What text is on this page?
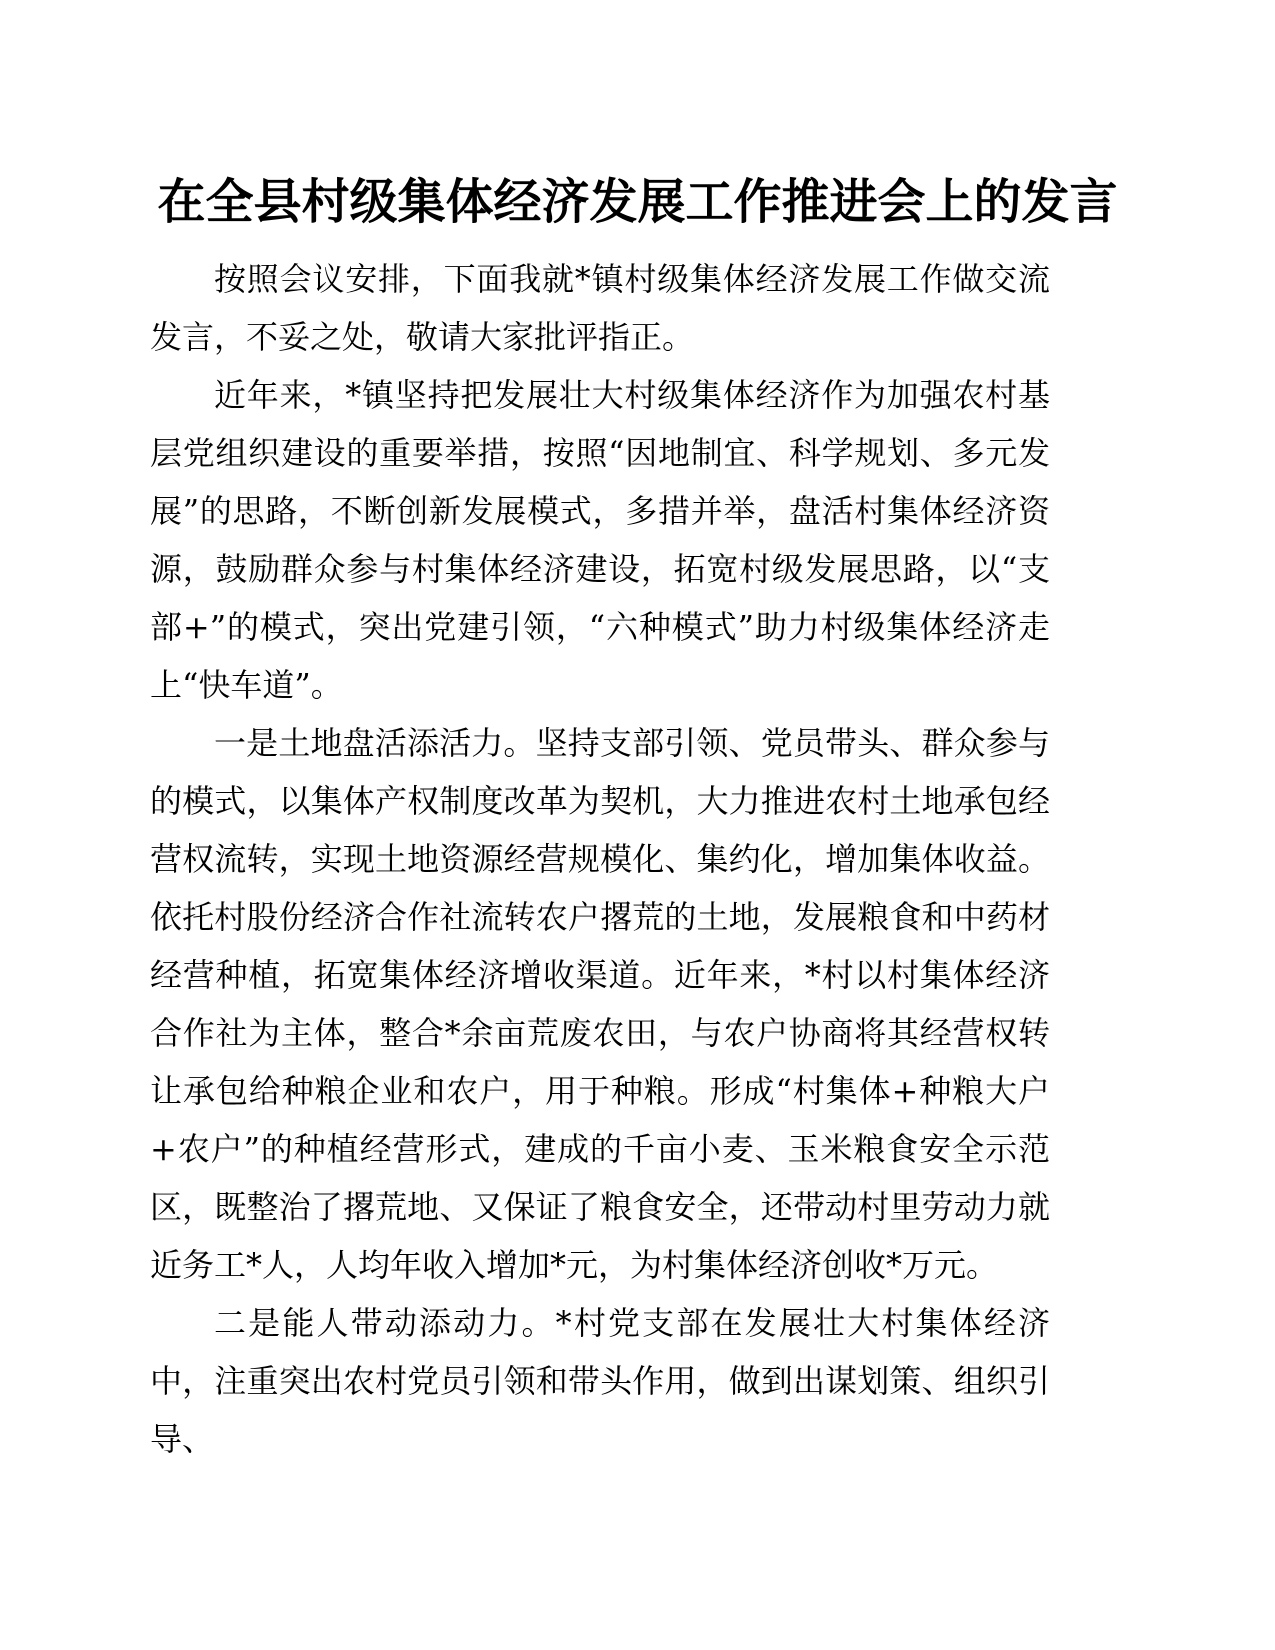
在全县村级集体经济发展工作推进会上的发言

按照会议安排，下面我就*镇村级集体经济发展工作做交流发言，不妥之处，敬请大家批评指正。

近年来，*镇坚持把发展壮大村级集体经济作为加强农村基层党组织建设的重要举措，按照“因地制宜、科学规划、多元发展”的思路，不断创新发展模式，多措并举，盘活村集体经济资源，鼓励群众参与村集体经济建设，拓宽村级发展思路，以“支部+”的模式，突出党建引领，“六种模式”助力村级集体经济走上“快车道”。

一是土地盘活添活力。坚持支部引领、党员带头、群众参与的模式，以集体产权制度改革为契机，大力推进农村土地承包经营权流转，实现土地资源经营规模化、集约化，增加集体收益。依托村股份经济合作社流转农户撂荒的土地，发展粮食和中药材经营种植，拓宽集体经济增收渠道。近年来，*村以村集体经济合作社为主体，整合*余亩荒废农田，与农户协商将其经营权转让承包给种粮企业和农户，用于种粮。形成“村集体+种粮大户+农户”的种植经营形式，建成的千亩小麦、玉米粮食安全示范区，既整治了撂荒地、又保证了粮食安全，还带动村里劳动力就近务工*人，人均年收入增加*元，为村集体经济创收*万元。

二是能人带动添动力。*村党支部在发展壮大村集体经济中，注重突出农村党员引领和带头作用，做到出谋划策、组织引导、
